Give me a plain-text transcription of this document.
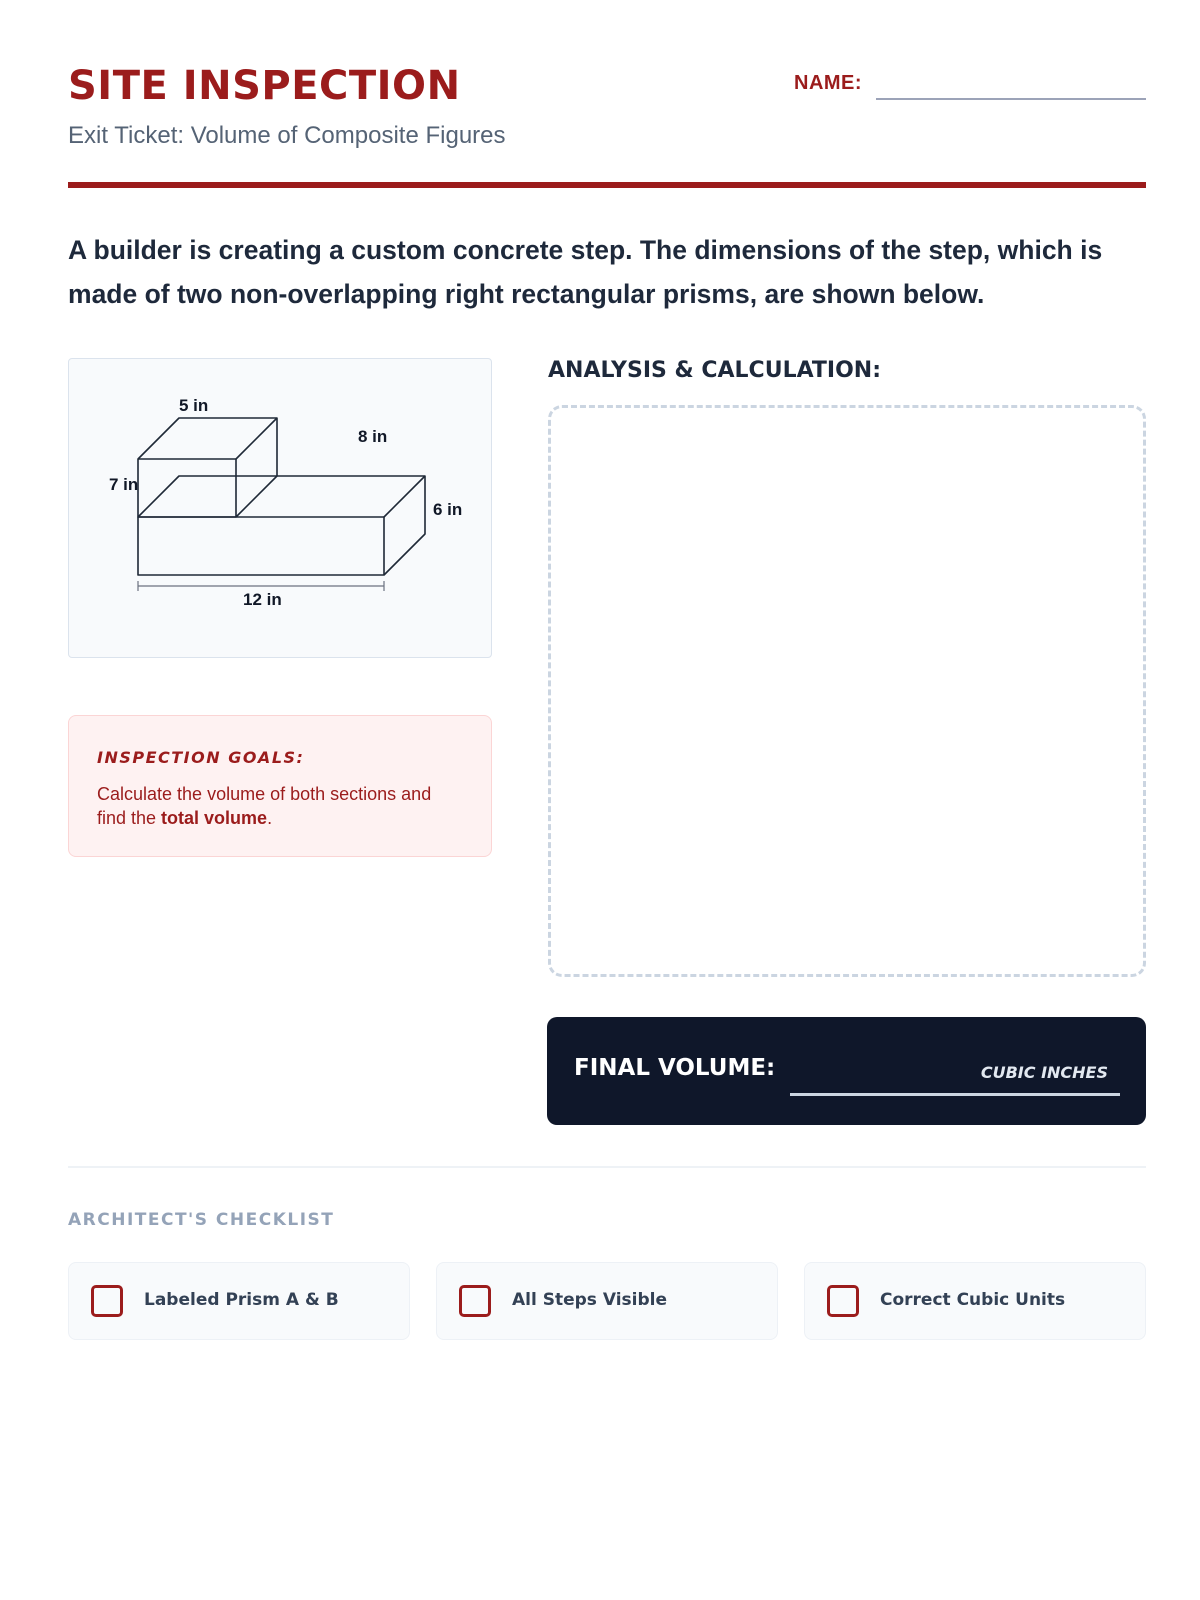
SITE INSPECTION

Exit Ticket: Volume of Composite Figures

NAME:

A builder is creating a custom concrete step. The dimensions of the step, which is made of two non-overlapping right rectangular prisms, are shown below.

5 in
8 in
7 in
6 in
12 in
INSPECTION GOALS:

Calculate the volume of both sections and find the total volume.

ANALYSIS & CALCULATION:
FINAL VOLUME:	CUBIC INCHES
ARCHITECT'S CHECKLIST
Labeled Prism A & B	All Steps Visible	Correct Cubic Units
